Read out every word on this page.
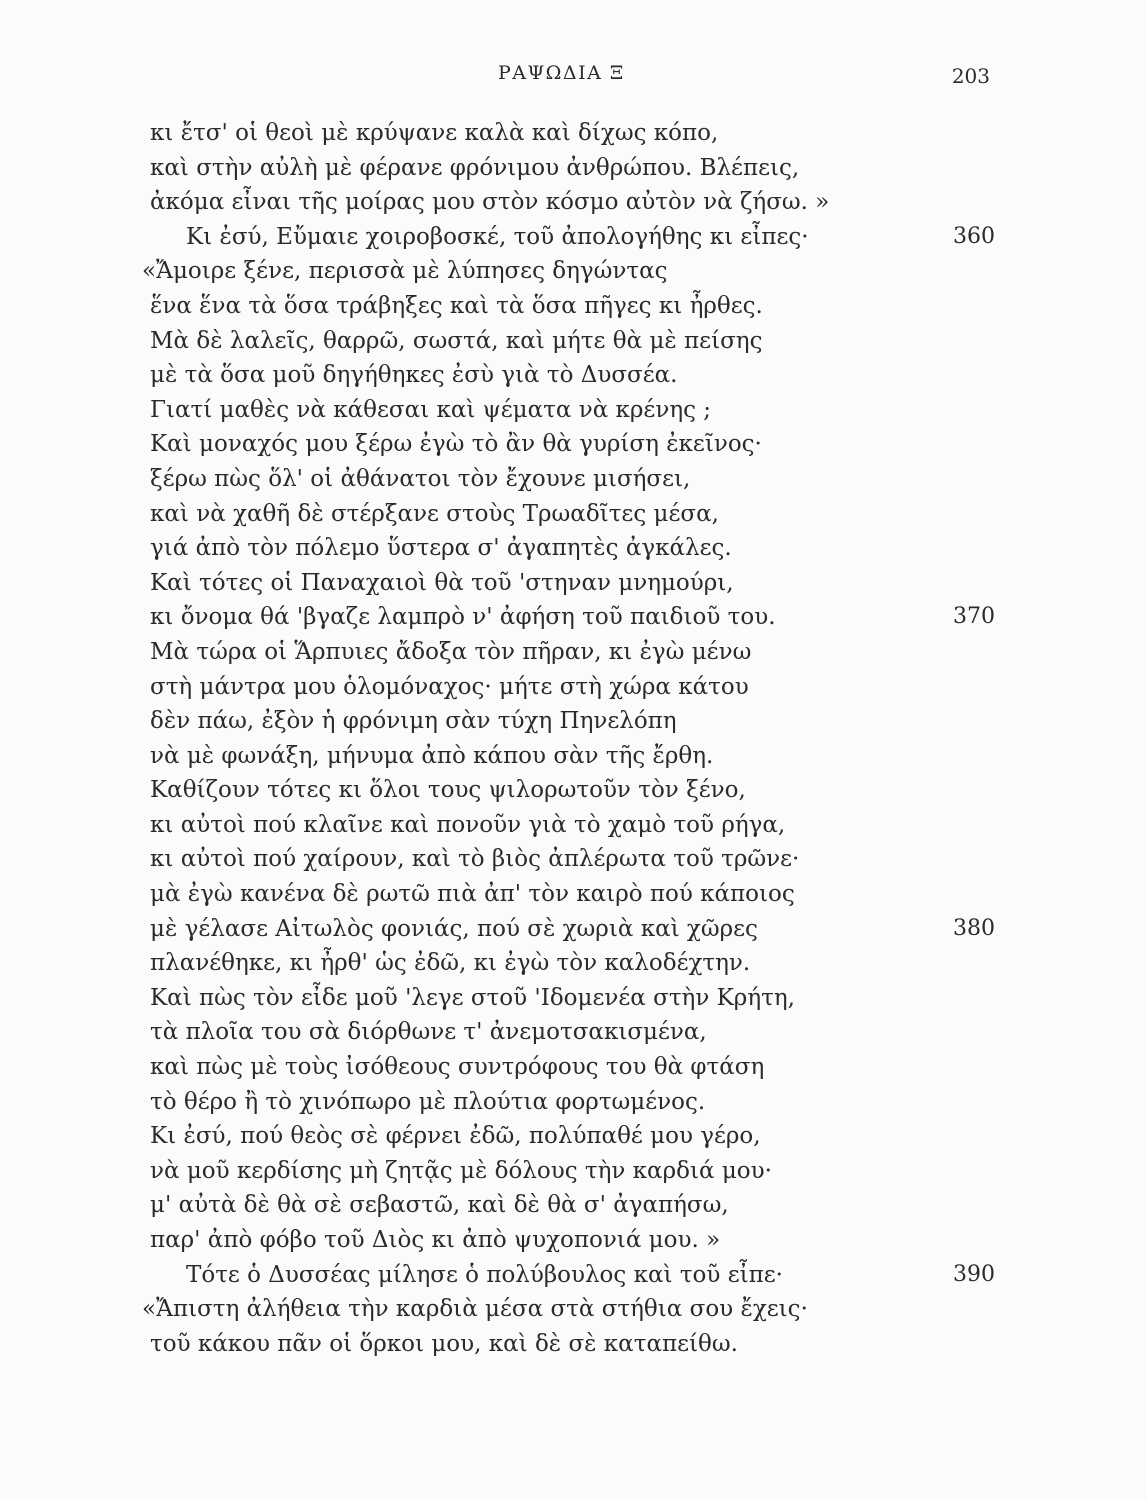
ΡΑΨΩΔΙΑ Ξ	203
κι ἔτσ' οἱ θεοὶ μὲ κρύψανε καλὰ καὶ δίχως κόπο,
καὶ στὴν αὐλὴ μὲ φέρανε φρόνιμου ἀνθρώπου. Βλέπεις,
ἀκόμα εἶναι τῆς μοίρας μου στὸν κόσμο αὐτὸν νὰ ζήσω. »
Κι ἐσύ, Εὔμαιε χοιροβοσκέ, τοῦ ἀπολογήθης κι εἶπες·	360
«Ἄμοιρε ξένε, περισσὰ μὲ λύπησες δηγώντας
ἕνα ἕνα τὰ ὅσα τράβηξες καὶ τὰ ὅσα πῆγες κι ἦρθες.
Μὰ δὲ λαλεῖς, θαρρῶ, σωστά, καὶ μήτε θὰ μὲ πείσης
μὲ τὰ ὅσα μοῦ δηγήθηκες ἐσὺ γιὰ τὸ Δυσσέα.
Γιατί μαθὲς νὰ κάθεσαι καὶ ψέματα νὰ κρένης ;
Καὶ μοναχός μου ξέρω ἐγὼ τὸ ἂν θὰ γυρίση ἐκεῖνος·
ξέρω πὼς ὅλ' οἱ ἀθάνατοι τὸν ἔχουνε μισήσει,
καὶ νὰ χαθῆ δὲ στέρξανε στοὺς Τρωαδῖτες μέσα,
γιά ἀπὸ τὸν πόλεμο ὕστερα σ' ἀγαπητὲς ἀγκάλες.
Καὶ τότες οἱ Παναχαιοὶ θὰ τοῦ 'στηναν μνημούρι,
κι ὄνομα θά 'βγαζε λαμπρὸ ν' ἀφήση τοῦ παιδιοῦ του.	370
Μὰ τώρα οἱ Ἅρπυιες ἄδοξα τὸν πῆραν, κι ἐγὼ μένω
στὴ μάντρα μου ὁλομόναχος· μήτε στὴ χώρα κάτου
δὲν πάω, ἐξὸν ἡ φρόνιμη σὰν τύχη Πηνελόπη
νὰ μὲ φωνάξη, μήνυμα ἀπὸ κάπου σὰν τῆς ἔρθη.
Καθίζουν τότες κι ὅλοι τους ψιλορωτοῦν τὸν ξένο,
κι αὐτοὶ πού κλαῖνε καὶ πονοῦν γιὰ τὸ χαμὸ τοῦ ρήγα,
κι αὐτοὶ πού χαίρουν, καὶ τὸ βιὸς ἀπλέρωτα τοῦ τρῶνε·
μὰ ἐγὼ κανένα δὲ ρωτῶ πιὰ ἀπ' τὸν καιρὸ πού κάποιος
μὲ γέλασε Αἰτωλὸς φονιάς, πού σὲ χωριὰ καὶ χῶρες	380
πλανέθηκε, κι ἦρθ' ὡς ἐδῶ, κι ἐγὼ τὸν καλοδέχτην.
Καὶ πὼς τὸν εἶδε μοῦ 'λεγε στοῦ 'Ιδομενέα στὴν Κρήτη,
τὰ πλοῖα του σὰ διόρθωνε τ' ἀνεμοτσακισμένα,
καὶ πὼς μὲ τοὺς ἰσόθεους συντρόφους του θὰ φτάση
τὸ θέρο ἢ τὸ χινόπωρο μὲ πλούτια φορτωμένος.
Κι ἐσύ, πού θεὸς σὲ φέρνει ἐδῶ, πολύπαθέ μου γέρο,
νὰ μοῦ κερδίσης μὴ ζητᾷς μὲ δόλους τὴν καρδιά μου·
μ' αὐτὰ δὲ θὰ σὲ σεβαστῶ, καὶ δὲ θὰ σ' ἀγαπήσω,
παρ' ἀπὸ φόβο τοῦ Διὸς κι ἀπὸ ψυχοπονιά μου. »
Τότε ὁ Δυσσέας μίλησε ὁ πολύβουλος καὶ τοῦ εἶπε·	390
«Ἄπιστη ἀλήθεια τὴν καρδιὰ μέσα στὰ στήθια σου ἔχεις·
τοῦ κάκου πᾶν οἱ ὅρκοι μου, καὶ δὲ σὲ καταπείθω.
